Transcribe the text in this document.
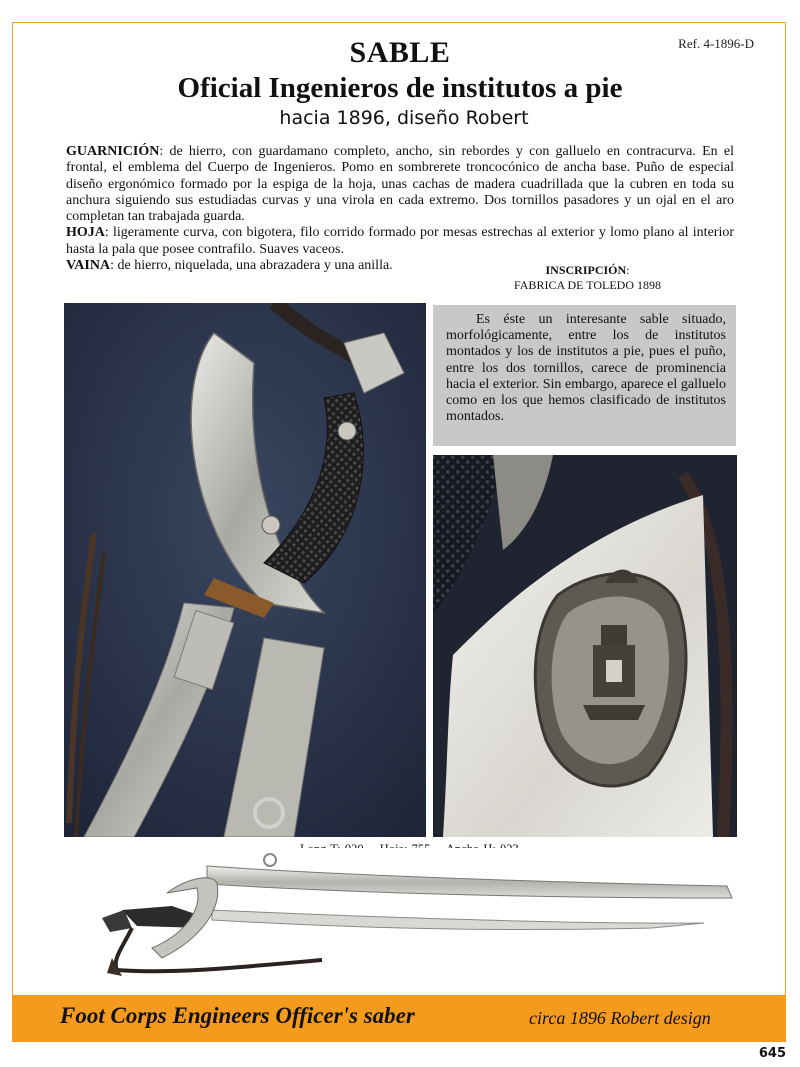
Ref. 4-1896-D
SABLE
Oficial Ingenieros de institutos a pie
hacia 1896, diseño Robert

GUARNICIÓN: de hierro, con guardamano completo, ancho, sin rebordes y con galluelo en contracurva. En el frontal, el emblema del Cuerpo de Ingenieros. Pomo en sombrerete troncocónico de ancha base. Puño de especial diseño ergonómico formado por la espiga de la hoja, unas cachas de madera cuadrillada que la cubren en toda su anchura siguiendo sus estudiadas curvas y una virola en cada extremo. Dos tornillos pasadores y un ojal en el aro completan tan trabajada guarda.

HOJA: ligeramente curva, con bigotera, filo corrido formado por mesas estrechas al exterior y lomo plano al interior hasta la pala que posee contrafilo. Suaves vaceos.

VAINA: de hierro, niquelada, una abrazadera y una anilla.	INSCRIPCIÓN:
FABRICA DE TOLEDO 1898
Es éste un interesante sable situado, morfológicamente, entre los de institutos montados y los de institutos a pie, pues el puño, entre los dos tornillos, carece de prominencia hacia el exterior. Sin embargo, aparece el galluelo como en los que hemos clasificado de institutos montados.
Foot Corps Engineers Officer's saber	circa 1896 Robert design
645
